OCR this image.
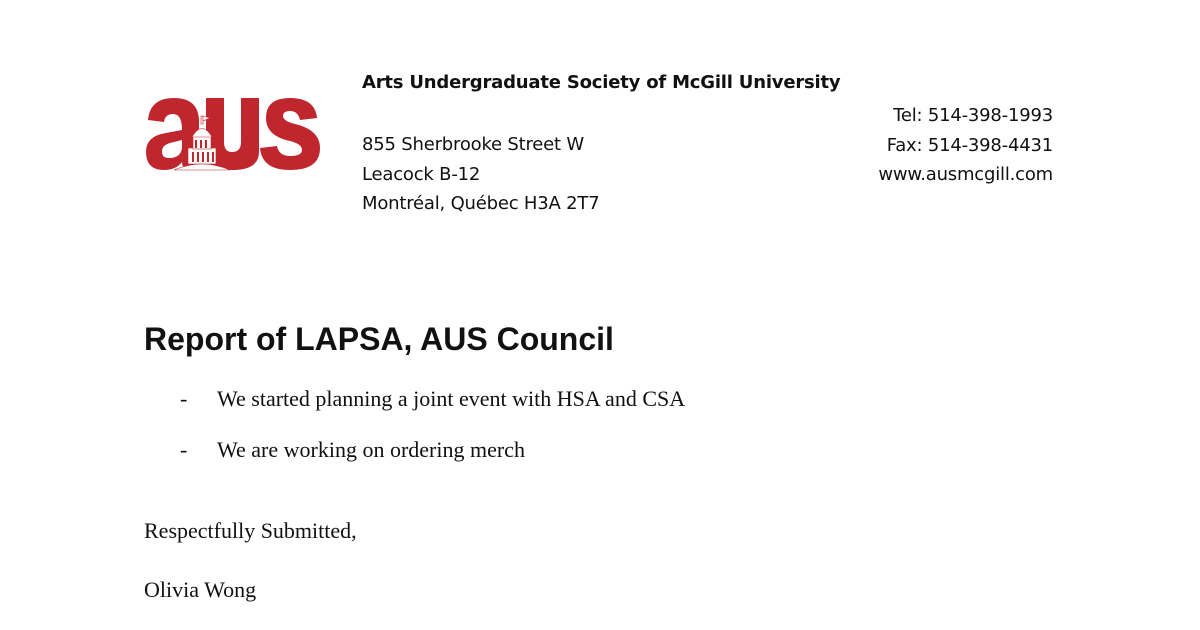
Arts Undergraduate Society of McGill University
855 Sherbrooke Street W
Leacock B-12
Montréal, Québec H3A 2T7
Tel: 514-398-1993
Fax: 514-398-4431
www.ausmcgill.com
Report of LAPSA, AUS Council
- We started planning a joint event with HSA and CSA
- We are working on ordering merch
Respectfully Submitted,
Olivia Wong
